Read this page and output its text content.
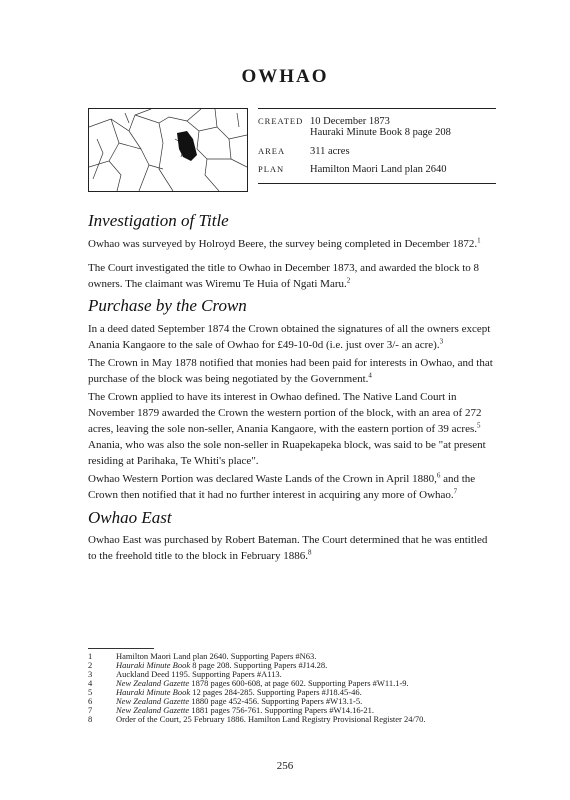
OWHAO
CREATED	10 December 1873
Hauraki Minute Book 8 page 208

AREA	311 acres
PLAN	Hamilton Maori Land plan 2640
Investigation of Title
Owhao was surveyed by Holroyd Beere, the survey being completed in December 1872.$^1$
The Court investigated the title to Owhao in December 1873, and awarded the block to 8 owners. The claimant was Wiremu Te Huia of Ngati Maru.$^2$
Purchase by the Crown
In a deed dated September 1874 the Crown obtained the signatures of all the owners except Anania Kangaore to the sale of Owhao for £49-10-0d (i.e. just over 3/- an acre).$^3$
The Crown in May 1878 notified that monies had been paid for interests in Owhao, and that purchase of the block was being negotiated by the Government.$^4$
The Crown applied to have its interest in Owhao defined. The Native Land Court in November 1879 awarded the Crown the western portion of the block, with an area of 272 acres, leaving the sole non-seller, Anania Kangaore, with the eastern portion of 39 acres.$^5$ Anania, who was also the sole non-seller in Ruapekapeka block, was said to be "at present residing at Parihaka, Te Whiti's place".
Owhao Western Portion was declared Waste Lands of the Crown in April 1880,$^6$ and the Crown then notified that it had no further interest in acquiring any more of Owhao.$^7$
Owhao East
Owhao East was purchased by Robert Bateman. The Court determined that he was entitled to the freehold title to the block in February 1886.$^8$
1	Hamilton Maori Land plan 2640. Supporting Papers #N63.
2	Hauraki Minute Book 8 page 208. Supporting Papers #J14.28.
3	Auckland Deed 1195. Supporting Papers #A113.
4	New Zealand Gazette 1878 pages 600-608, at page 602. Supporting Papers #W11.1-9.
5	Hauraki Minute Book 12 pages 284-285. Supporting Papers #J18.45-46.
6	New Zealand Gazette 1880 page 452-456. Supporting Papers #W13.1-5.
7	New Zealand Gazette 1881 pages 756-761. Supporting Papers #W14.16-21.
8	Order of the Court, 25 February 1886. Hamilton Land Registry Provisional Register 24/70.
256
